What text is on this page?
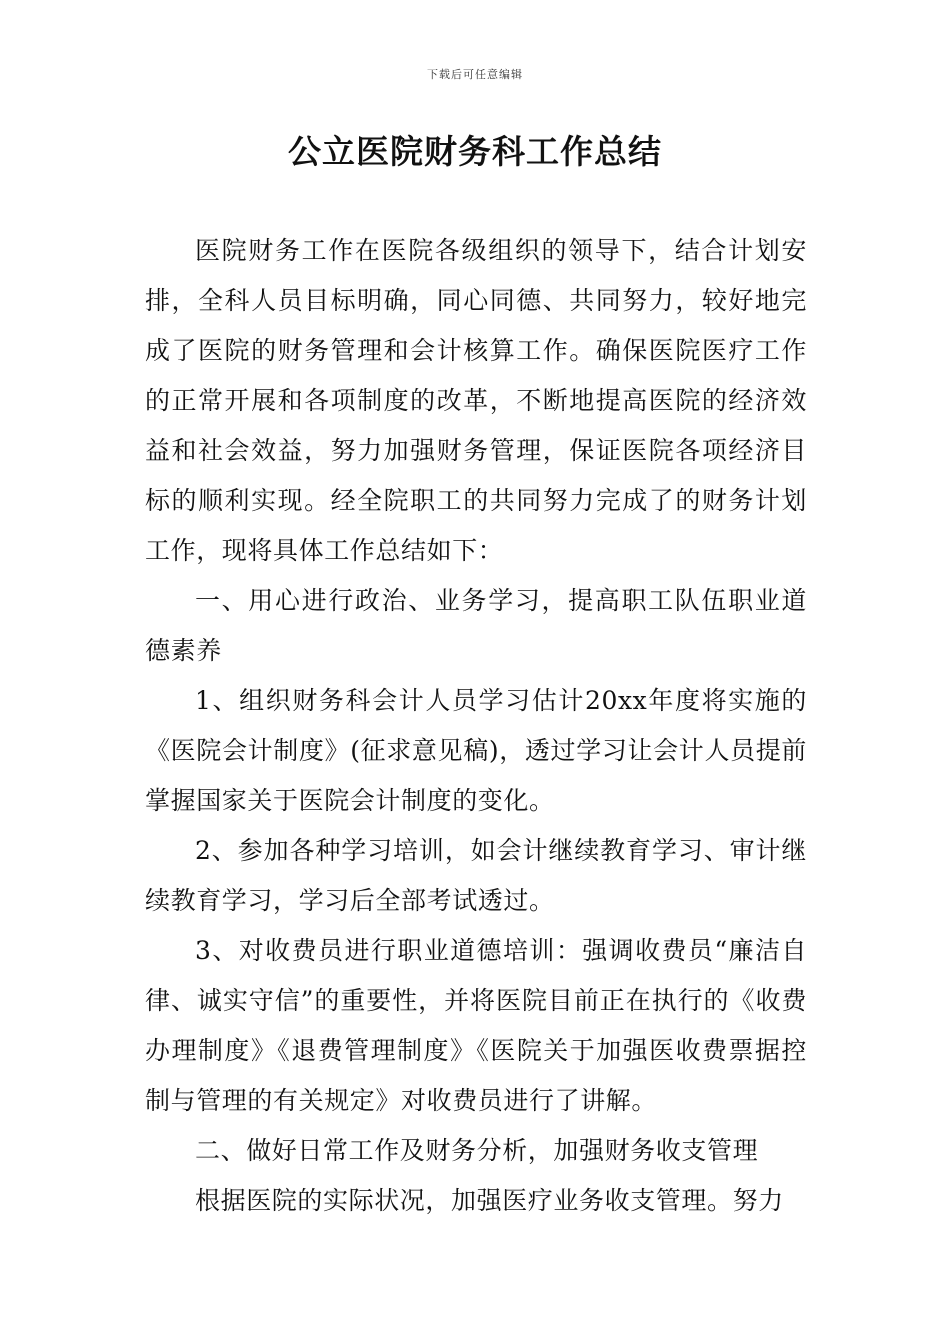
下载后可任意编辑
公立医院财务科工作总结

医院财务工作在医院各级组织的领导下，结合计划安排，全科人员目标明确，同心同德、共同努力，较好地完成了医院的财务管理和会计核算工作。确保医院医疗工作的正常开展和各项制度的改革，不断地提高医院的经济效益和社会效益，努力加强财务管理，保证医院各项经济目标的顺利实现。经全院职工的共同努力完成了的财务计划工作，现将具体工作总结如下：

一、用心进行政治、业务学习，提高职工队伍职业道德素养

1、组织财务科会计人员学习估计20xx年度将实施的《医院会计制度》(征求意见稿)，透过学习让会计人员提前掌握国家关于医院会计制度的变化。

2、参加各种学习培训，如会计继续教育学习、审计继续教育学习，学习后全部考试透过。

3、对收费员进行职业道德培训：强调收费员“廉洁自律、诚实守信”的重要性，并将医院目前正在执行的《收费办理制度》《退费管理制度》《医院关于加强医收费票据控制与管理的有关规定》对收费员进行了讲解。

二、做好日常工作及财务分析，加强财务收支管理

根据医院的实际状况，加强医疗业务收支管理。努力
